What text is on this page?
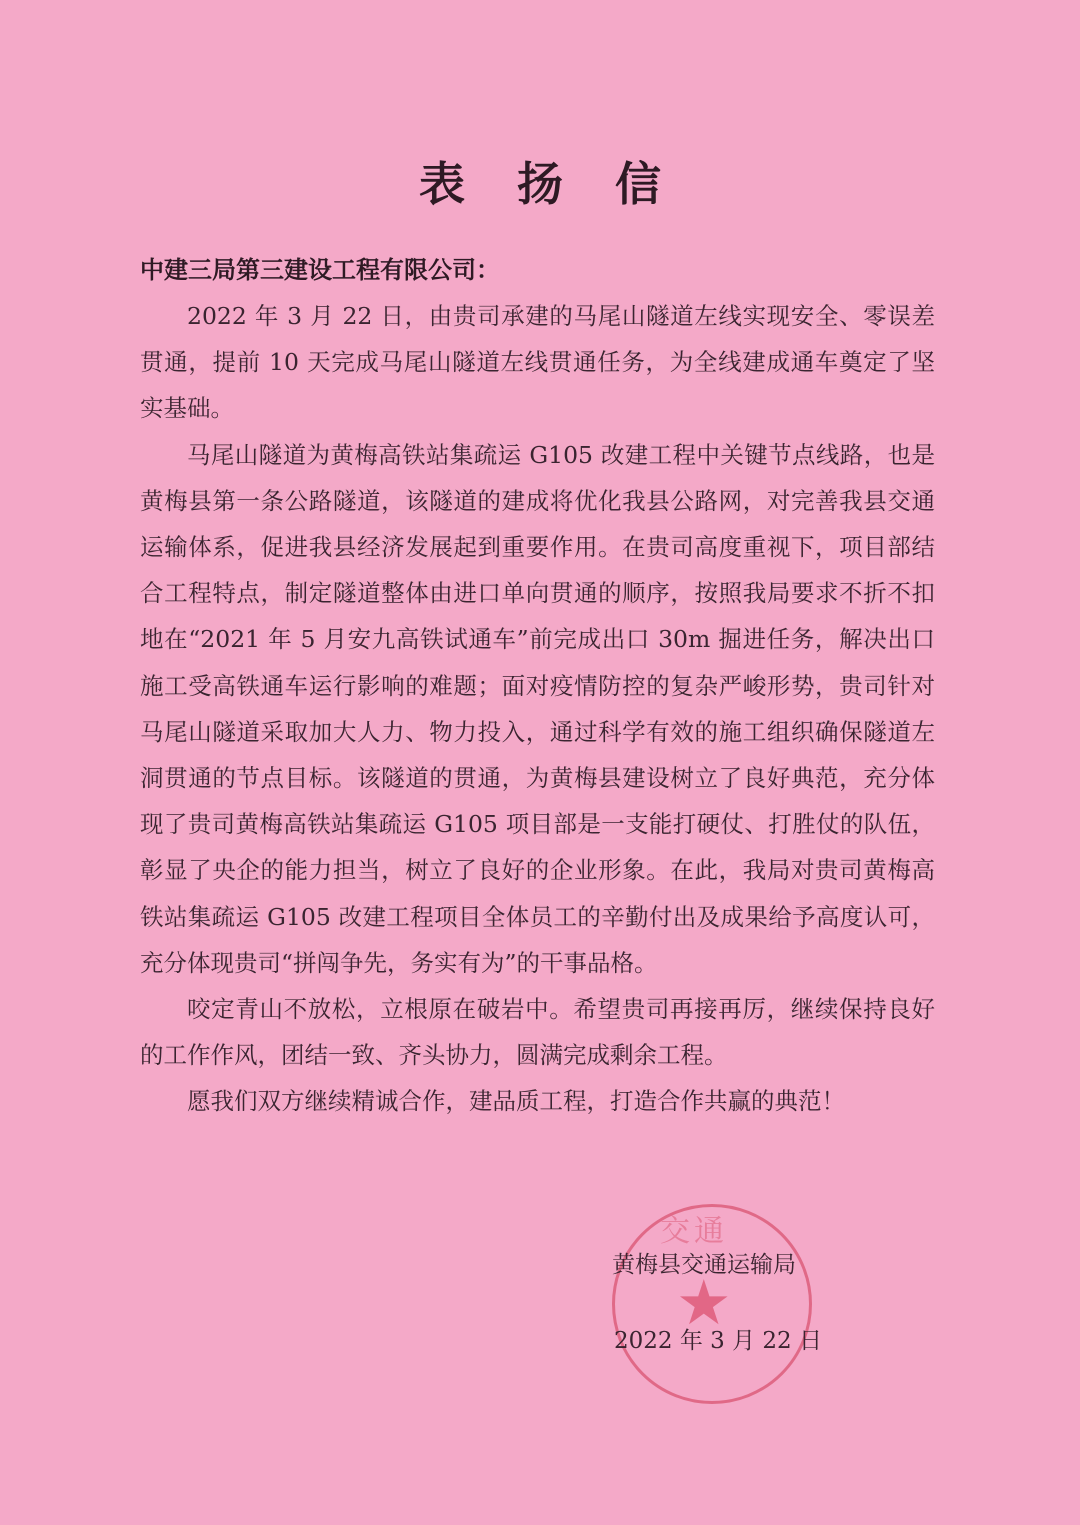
表扬信
中建三局第三建设工程有限公司：

2022 年 3 月 22 日，由贵司承建的马尾山隧道左线实现安全、零误差贯通，提前 10 天完成马尾山隧道左线贯通任务，为全线建成通车奠定了坚实基础。

马尾山隧道为黄梅高铁站集疏运 G105 改建工程中关键节点线路，也是黄梅县第一条公路隧道，该隧道的建成将优化我县公路网，对完善我县交通运输体系，促进我县经济发展起到重要作用。在贵司高度重视下，项目部结合工程特点，制定隧道整体由进口单向贯通的顺序，按照我局要求不折不扣地在“2021 年 5 月安九高铁试通车”前完成出口 30m 掘进任务，解决出口施工受高铁通车运行影响的难题；面对疫情防控的复杂严峻形势，贵司针对马尾山隧道采取加大人力、物力投入，通过科学有效的施工组织确保隧道左洞贯通的节点目标。该隧道的贯通，为黄梅县建设树立了良好典范，充分体现了贵司黄梅高铁站集疏运 G105 项目部是一支能打硬仗、打胜仗的队伍，彰显了央企的能力担当，树立了良好的企业形象。在此，我局对贵司黄梅高铁站集疏运 G105 改建工程项目全体员工的辛勤付出及成果给予高度认可，充分体现贵司“拼闯争先，务实有为”的干事品格。

咬定青山不放松，立根原在破岩中。希望贵司再接再厉，继续保持良好的工作作风，团结一致、齐头协力，圆满完成剩余工程。

愿我们双方继续精诚合作，建品质工程，打造合作共赢的典范！

交通
★
黄梅县交通运输局
2022 年 3 月 22 日
